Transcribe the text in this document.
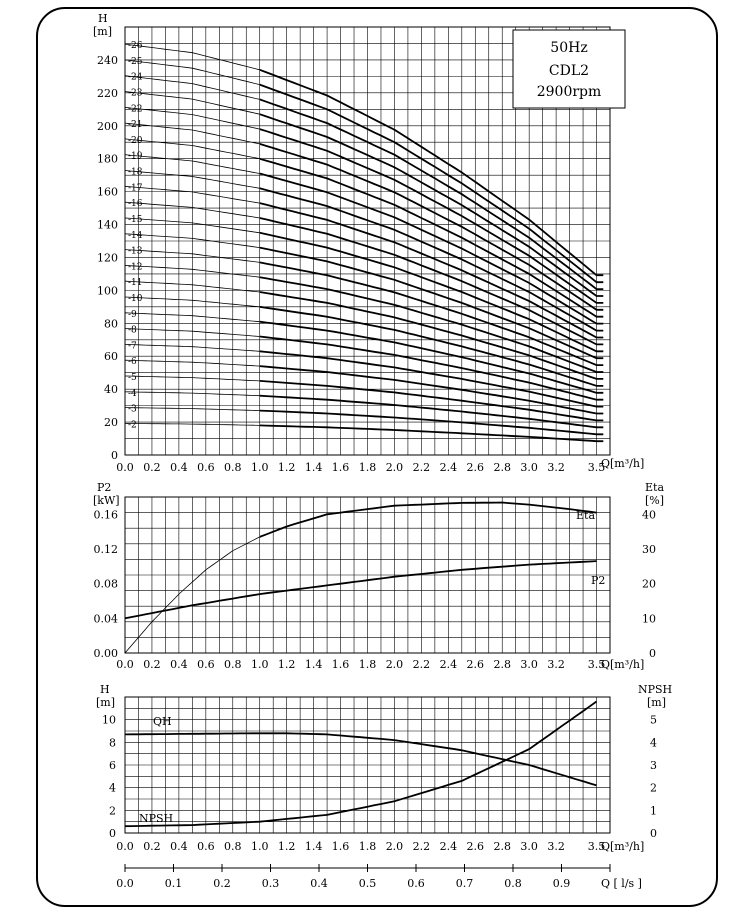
-2
-3
-4
-5
-6
-7
-8
-9
-10
-11
-12
-13
-14
-15
-16
-17
-18
-19
-20
-21
-22
-23
-24
-25
-26
0.0 0.2 0.4 0.6 0.8 1.0 1.2 1.4 1.6 1.8 2.0 2.2 2.4 2.6 2.8 3.0 3.2 3.5
20
40
60
80
100
120
140
160
180
200
220
240
0
H
[m]
Q[m³/h]
50Hz
CDL2
2900rpm
0.0 0.2 0.4 0.6 0.8 1.0 1.2 1.4 1.6 1.8 2.0 2.2 2.4 2.6 2.8 3.0 3.2 3.5
0.00
0.04
0.08
0.12
0.16
0
10
20
30
40
P2
[kW]
Eta
[%]
Q[m³/h]
Eta
P2
0.0 0.2 0.4 0.6 0.8 1.0 1.2 1.4 1.6 1.8 2.0 2.2 2.4 2.6 2.8 3.0 3.2 3.5
0
2
4
6
8
10
0
1
2
3
4
5
H
[m]
NPSH
[m]
Q[m³/h]
QH
NPSH
0.0	0.1	0.2	0.3	0.4	0.5	0.6	0.7	0.8	0.9	Q [ l/s ]
